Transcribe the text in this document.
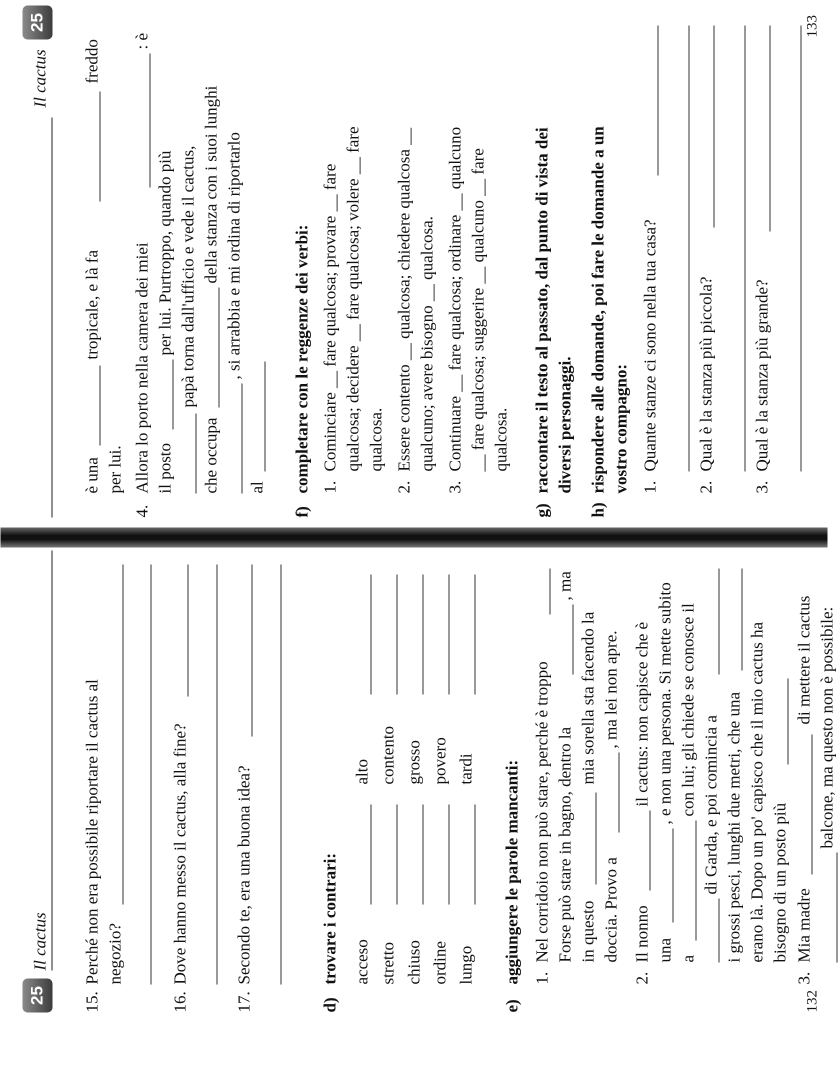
25
Il cactus
15.
Perché non era possibile riportare il cactus al negozio?
16.
Dove hanno messo il cactus, alla fine?
17.
Secondo te, era una buona idea?
d)
trovare i contrari: acceso stretto chiuso ordine lungo
alto contento grosso povero tardi
e)
aggiungere le parole mancanti: 1.
Nel corridoio non può stare, perché è troppo Forse può stare in bagno, dentro la
, ma
in questo
mia sorella sta facendo la
doccia. Provo a
, ma lei non apre.
2.
Il nonno
il cactus: non capisce che è
una
, e non una persona. Si mette subito
a
con lui; gli chiede se conosce il di Garda, e poi comincia a i grossi pesci, lunghi due metri, che una erano là. Dopo un po' capisco che il mio cactus ha bisogno di un posto più
3.
Mia madre
di mettere il cactus balcone, ma questo non è possibile:
132
Il cactus
25
è una
tropicale, e là fa
freddo
per lui.
4.
Allora lo porto nella camera dei miei
: è
il posto
per lui. Purtroppo, quando più papà torna dall'ufficio e vede il cactus,
che occupa
della stanza con i suoi lunghi , si arrabbia e mi ordina di riportarlo
al
f)
completare con le reggenze dei verbi: 1.
Cominciare __ fare qualcosa; provare __ fare qualcosa; decidere __ fare qualcosa; volere __ fare qualcosa.
2.
Essere contento __ qualcosa; chiedere qualcosa __ qualcuno; avere bisogno __ qualcosa.
3.
Continuare __ fare qualcosa; ordinare __ qualcuno __ fare qualcosa; suggerire __ qualcuno __ fare qualcosa.
g)
raccontare il testo al passato, dal punto di vista dei diversi personaggi.
h)
rispondere alle domande, poi fare le domande a un vostro compagno: 1.
Quante stanze ci sono nella tua casa?
2.
Qual è la stanza più piccola?
3.
Qual è la stanza più grande?
133
